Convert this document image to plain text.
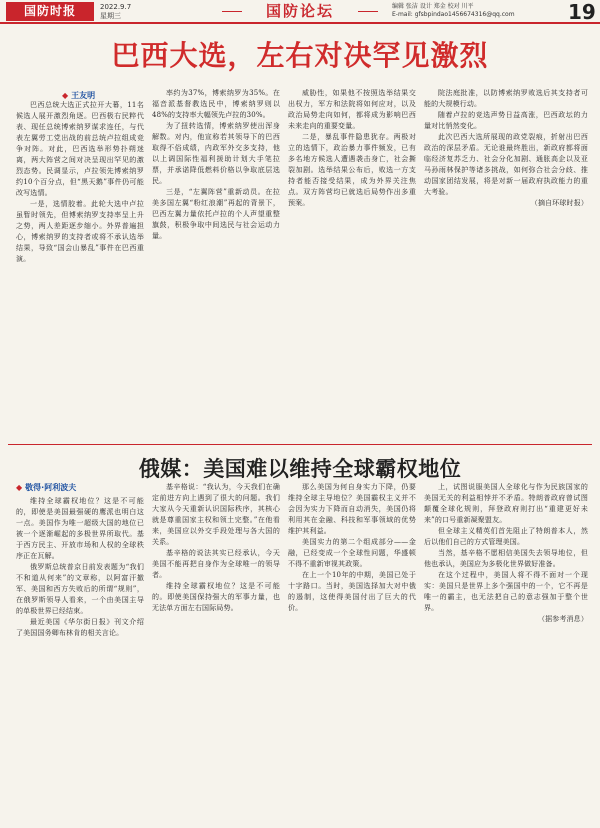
国防时报	2022.9.7
星期三	国防论坛	编辑 张洁 设计 郑金 校对 川平
E-mail: gfsbpindao1456674316@qq.com	19
巴西大选，左右对决罕见激烈
◆ 王友明

巴西总统大选正式拉开大幕，11名候选人展开激烈角逐。巴西极右民粹代表、现任总统博索纳罗谋求连任，与代表左翼劳工党出战的前总统卢拉组成竞争对阵。对此，巴西选举形势扑朔迷离，两大阵营之间对决呈现出罕见的激烈态势。民调显示，卢拉领先博索纳罗约10个百分点，但“黑天鹅”事件仍可能改写选情。

一是，选情胶着。此轮大选中卢拉虽暂时领先，但博索纳罗支持率呈上升之势，两人差距逐步缩小。外界普遍担心，博索纳罗的支持者或将不承认选举结果，导致“国会山暴乱”事件在巴西重演。

率约为37%，博索纳罗为35%。在福音派基督教选民中，博索纳罗则以48%的支持率大幅领先卢拉的30%。

为了扭转选情，博索纳罗使出浑身解数。对内，他宣称若其领导下的巴西取得不俗成绩，内政军外交多支持，他以上调国际性福利援助计划大手笔拉票，并承诺降低燃料价格以争取底层选民。

三是，“左翼阵营”重新动员。在拉美多国左翼“粉红浪潮”再起的背景下，巴西左翼力量依托卢拉的个人声望重整旗鼓，积极争取中间选民与社会运动力量。

威胁性，如果他不按照选举结果交出权力，军方和法院将如何应对，以及政治局势走向如何，都将成为影响巴西未来走向的重要变量。

二是，暴乱事件隐患犹存。两极对立的选情下，政治暴力事件频发，已有多名地方候选人遭遇袭击身亡，社会撕裂加剧。选举结果公布后，败选一方支持者能否接受结果，成为外界关注焦点。双方阵营均已就选后局势作出多重预案。

院法庭批准，以防博索纳罗败选后其支持者可能的大规模行动。

随着卢拉的竞选声势日益高涨，巴西政坛的力量对比悄然变化。

此次巴西大选所展现的政党裂痕，折射出巴西政治的深层矛盾。无论谁最终胜出，新政府都将面临经济复苏乏力、社会分化加剧、通胀高企以及亚马孙雨林保护等诸多挑战，如何弥合社会分歧、推动国家团结发展，将是对新一届政府执政能力的重大考验。

（摘自环球时报）

俄媒：美国难以维持全球霸权地位
◆ 敬得·阿利波夫

维持全球霸权地位？这是不可能的，即使是美国最强硬的鹰派也明白这一点。美国作为唯一超级大国的地位已被一个逐渐崛起的多极世界所取代。基于西方民主、开放市场和人权的全球秩序正在瓦解。

俄罗斯总统普京日前发表题为“我们不和道从何来”的文章称，以阿富汗撤军、美国和西方失败后的所谓“规则”，在俄罗斯领导人看来，一个由美国主导的单极世界已经结束。

最近美国《华尔街日报》刊文介绍了美国国务卿布林肯的相关言论。

基辛格说：“我认为，今天我们在确定前进方向上遇到了很大的问题。我们大家从今天重新认识国际秩序，其核心就是尊重国家主权和领土完整。”在他看来，美国应以外交手段处理与各大国的关系。

基辛格的说法其实已经承认，今天美国不能再把自身作为全球唯一的领导者。

维持全球霸权地位？这是不可能的。即使美国保持强大的军事力量，也无法单方面左右国际局势。

那么美国为何自身实力下降，仍要维持全球主导地位？美国霸权主义并不会因为实力下降而自动消失，美国仍将利用其在金融、科技和军事领域的优势维护其利益。

美国实力的第二个组成部分——金融，已经变成一个全球性问题，华盛顿不得不重新审视其政策。

在上一个10年的中期，美国已处于十字路口。当时，美国选择加大对中俄的遏制，这使得美国付出了巨大的代价。

上，试图说服美国人全球化与作为民族国家的美国无关的利益相悖并不矛盾。特朗普政府曾试图颠覆全球化规则，拜登政府则打出“重建更好未来”的口号重新凝聚盟友。

但全球主义精英们首先阻止了特朗普本人，然后以他们自己的方式管理美国。

当然，基辛格不愿相信美国失去领导地位，但他也承认，美国应为多极化世界做好准备。

在这个过程中，美国人将不得不面对一个现实：美国只是世界上多个强国中的一个，它不再是唯一的霸主，也无法把自己的意志强加于整个世界。

（据参考消息）
